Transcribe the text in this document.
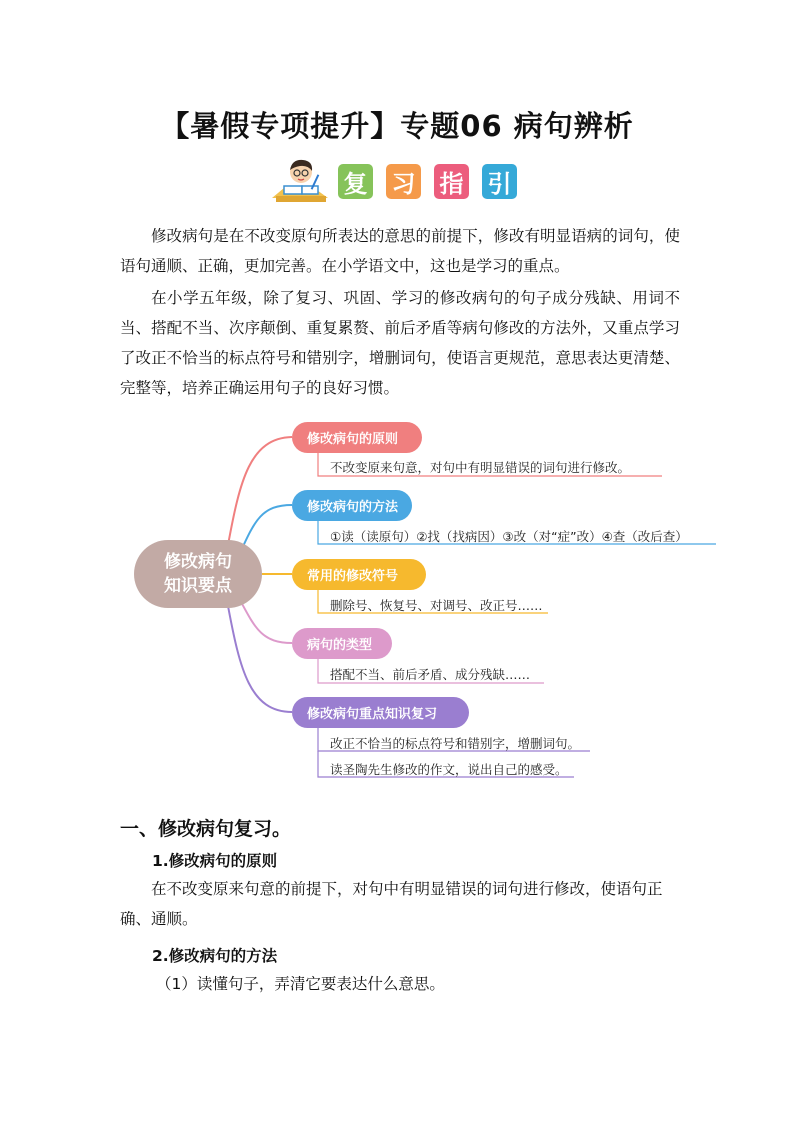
【暑假专项提升】专题06 病句辨析
复 习 指 引

修改病句是在不改变原句所表达的意思的前提下，修改有明显语病的词句，使语句通顺、正确，更加完善。在小学语文中，这也是学习的重点。

在小学五年级，除了复习、巩固、学习的修改病句的句子成分残缺、用词不当、搭配不当、次序颠倒、重复累赘、前后矛盾等病句修改的方法外，又重点学习了改正不恰当的标点符号和错别字，增删词句，使语言更规范，意思表达更清楚、完整等，培养正确运用句子的良好习惯。

修改病句
知识要点
修改病句的原则
不改变原来句意，对句中有明显错误的词句进行修改。
修改病句的方法
①读（读原句）②找（找病因）③改（对“症”改）④查（改后查）
常用的修改符号
删除号、恢复号、对调号、改正号……
病句的类型
搭配不当、前后矛盾、成分残缺……
修改病句重点知识复习
改正不恰当的标点符号和错别字，增删词句。
读圣陶先生修改的作文，说出自己的感受。
一、修改病句复习。
1.修改病句的原则

在不改变原来句意的前提下，对句中有明显错误的词句进行修改，使语句正确、通顺。

2.修改病句的方法
（1）读懂句子，弄清它要表达什么意思。
